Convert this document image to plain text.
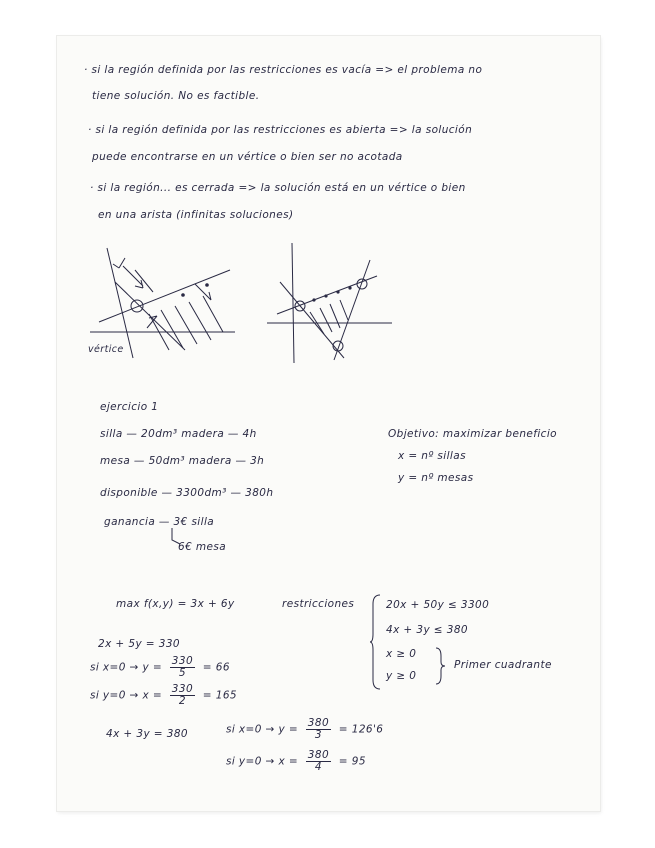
· si la región definida por las restricciones es vacía => el problema no
tiene solución. No es factible.
· si la región definida por las restricciones es abierta => la solución
puede encontrarse en un vértice o bien ser no acotada
· si la región... es cerrada => la solución está en un vértice o bien
en una arista (infinitas soluciones)
vértice
ejercicio 1
silla — 20dm³ madera — 4h
mesa — 50dm³ madera — 3h
disponible — 3300dm³ — 380h
ganancia — 3€ silla
6€ mesa
Objetivo: maximizar beneficio
x = nº sillas
y = nº mesas
max f(x,y) = 3x + 6y	restricciones	20x + 50y ≤ 3300
4x + 3y ≤ 380
x ≥ 0
y ≥ 0
Primer cuadrante
2x + 5y = 330
si $x=0 \to y = \frac{330}{5} = 66$
si $y=0 \to x = \frac{330}{2} = 165$
4x + 3y = 380	si $x=0 \to y = \frac{380}{3} = 126'6$
si $y=0 \to x = \frac{380}{4} = 95$
